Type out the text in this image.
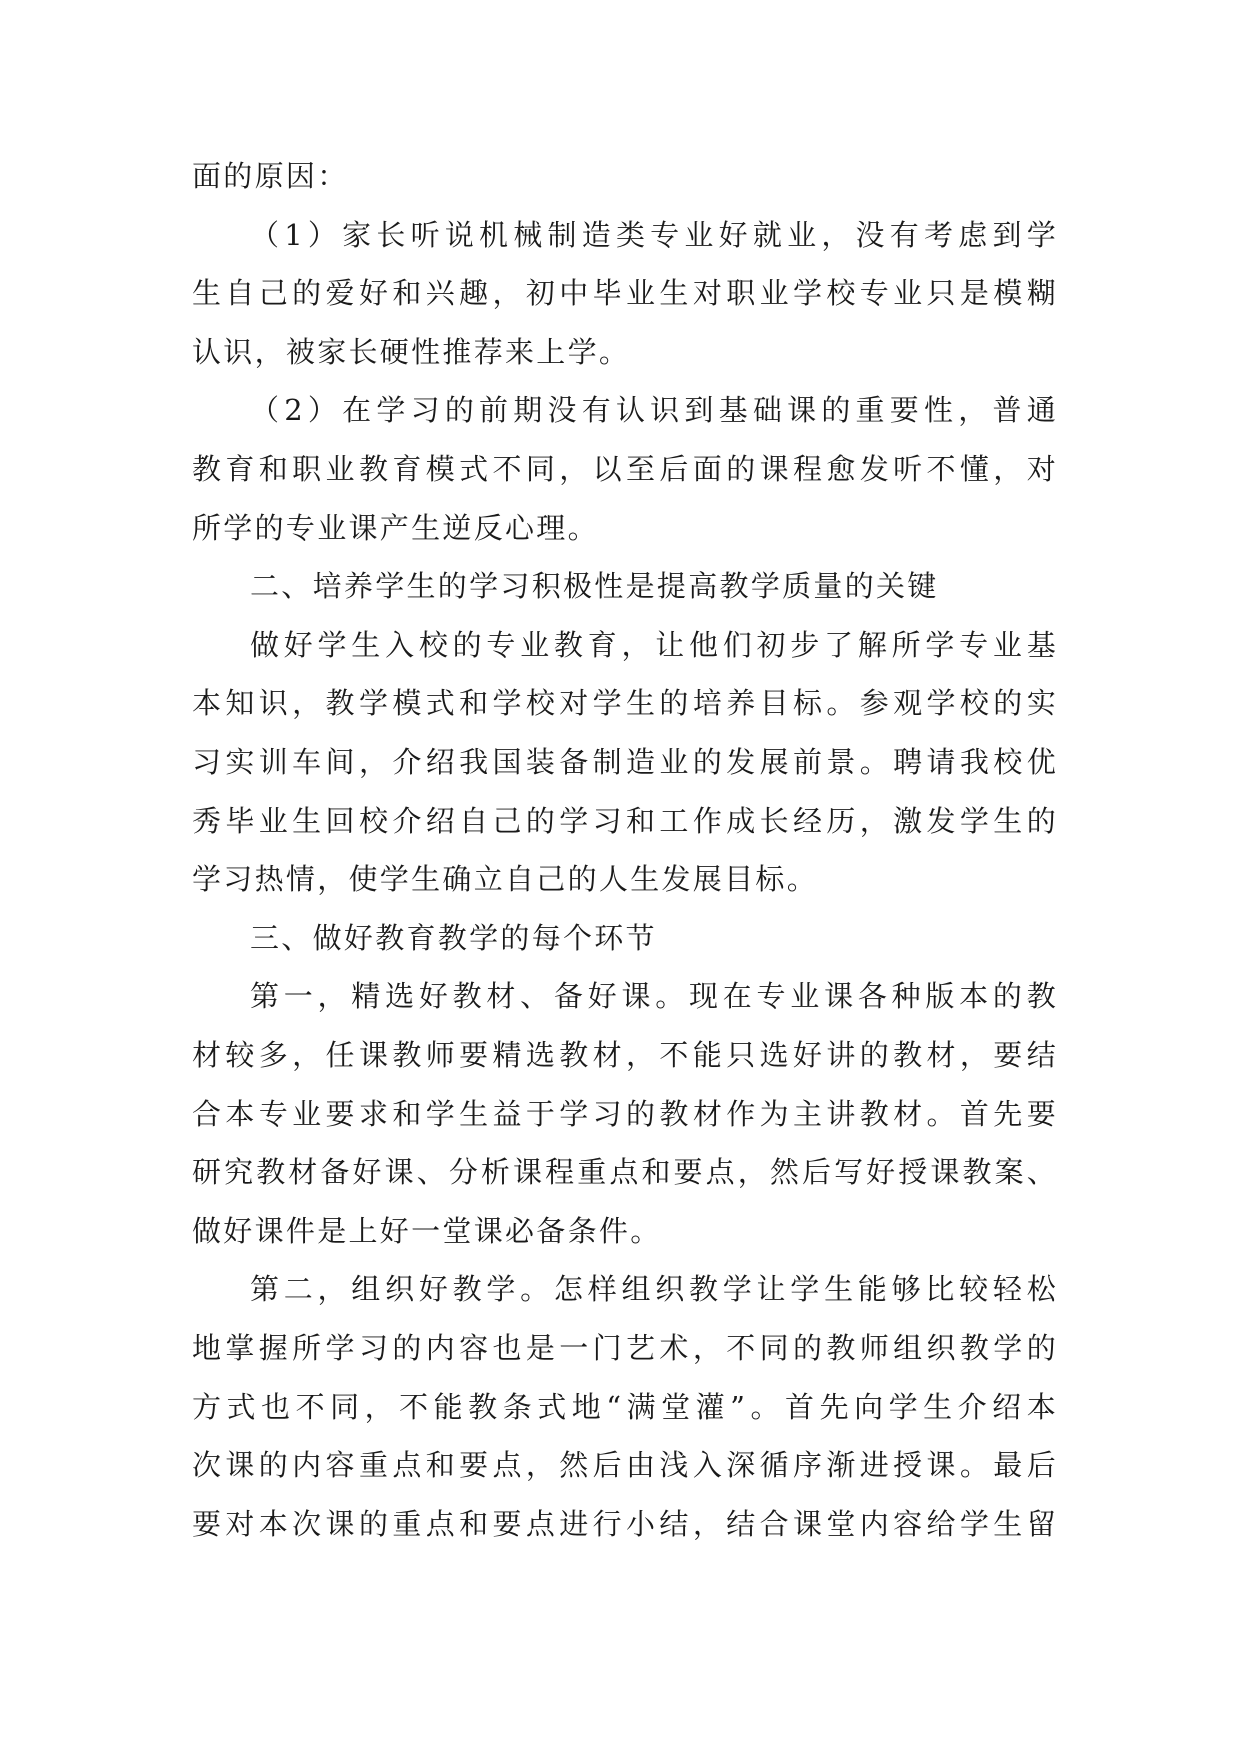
面的原因：
（1）家长听说机械制造类专业好就业，没有考虑到学
生自己的爱好和兴趣，初中毕业生对职业学校专业只是模糊
认识，被家长硬性推荐来上学。
（2）在学习的前期没有认识到基础课的重要性，普通
教育和职业教育模式不同，以至后面的课程愈发听不懂，对
所学的专业课产生逆反心理。
二、培养学生的学习积极性是提高教学质量的关键
做好学生入校的专业教育，让他们初步了解所学专业基
本知识，教学模式和学校对学生的培养目标。参观学校的实
习实训车间，介绍我国装备制造业的发展前景。聘请我校优
秀毕业生回校介绍自己的学习和工作成长经历，激发学生的
学习热情，使学生确立自己的人生发展目标。
三、做好教育教学的每个环节
第一，精选好教材、备好课。现在专业课各种版本的教
材较多，任课教师要精选教材，不能只选好讲的教材，要结
合本专业要求和学生益于学习的教材作为主讲教材。首先要
研究教材备好课、分析课程重点和要点，然后写好授课教案、
做好课件是上好一堂课必备条件。
第二，组织好教学。怎样组织教学让学生能够比较轻松
地掌握所学习的内容也是一门艺术，不同的教师组织教学的
方式也不同，不能教条式地“满堂灌”。首先向学生介绍本
次课的内容重点和要点，然后由浅入深循序渐进授课。最后
要对本次课的重点和要点进行小结，结合课堂内容给学生留
